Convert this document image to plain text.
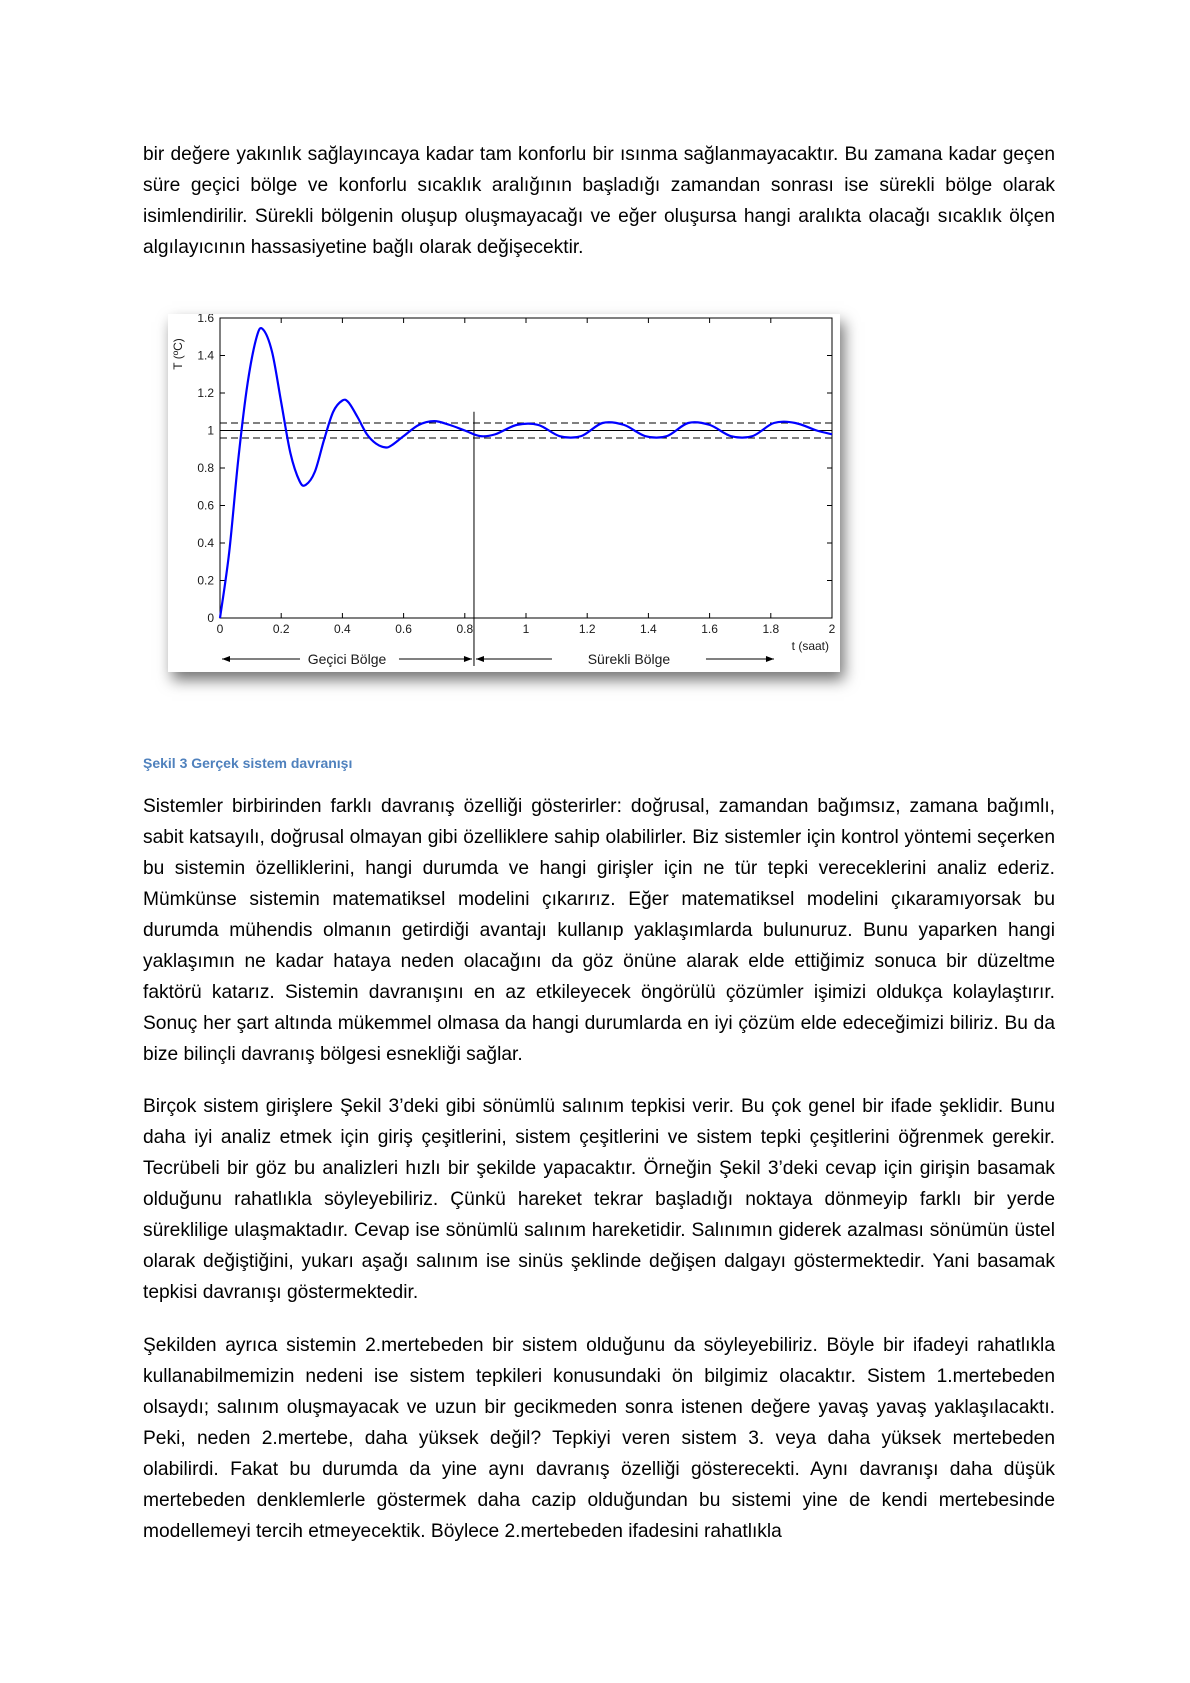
bir değere yakınlık sağlayıncaya kadar tam konforlu bir ısınma sağlanmayacaktır. Bu zamana kadar geçen süre geçici bölge ve konforlu sıcaklık aralığının başladığı zamandan sonrası ise sürekli bölge olarak isimlendirilir. Sürekli bölgenin oluşup oluşmayacağı ve eğer oluşursa hangi aralıkta olacağı sıcaklık ölçen algılayıcının hassasiyetine bağlı olarak değişecektir.

0
0.2
0.4
0.6
0.8
1
1.2
1.4
1.6
0	0.2	0.4	0.6	0.8	1	1.2	1.4	1.6	1.8	2
t (saat)
T (ºC)
Geçici Bölge	Sürekli Bölge

Şekil 3 Gerçek sistem davranışı

Sistemler birbirinden farklı davranış özelliği gösterirler: doğrusal, zamandan bağımsız, zamana bağımlı, sabit katsayılı, doğrusal olmayan gibi özelliklere sahip olabilirler. Biz sistemler için kontrol yöntemi seçerken bu sistemin özelliklerini, hangi durumda ve hangi girişler için ne tür tepki vereceklerini analiz ederiz. Mümkünse sistemin matematiksel modelini çıkarırız. Eğer matematiksel modelini çıkaramıyorsak bu durumda mühendis olmanın getirdiği avantajı kullanıp yaklaşımlarda bulunuruz. Bunu yaparken hangi yaklaşımın ne kadar hataya neden olacağını da göz önüne alarak elde ettiğimiz sonuca bir düzeltme faktörü katarız. Sistemin davranışını en az etkileyecek öngörülü çözümler işimizi oldukça kolaylaştırır. Sonuç her şart altında mükemmel olmasa da hangi durumlarda en iyi çözüm elde edeceğimizi biliriz. Bu da bize bilinçli davranış bölgesi esnekliği sağlar.

Birçok sistem girişlere Şekil 3’deki gibi sönümlü salınım tepkisi verir. Bu çok genel bir ifade şeklidir. Bunu daha iyi analiz etmek için giriş çeşitlerini, sistem çeşitlerini ve sistem tepki çeşitlerini öğrenmek gerekir. Tecrübeli bir göz bu analizleri hızlı bir şekilde yapacaktır. Örneğin Şekil 3’deki cevap için girişin basamak olduğunu rahatlıkla söyleyebiliriz. Çünkü hareket tekrar başladığı noktaya dönmeyip farklı bir yerde süreklilige ulaşmaktadır. Cevap ise sönümlü salınım hareketidir. Salınımın giderek azalması sönümün üstel olarak değiştiğini, yukarı aşağı salınım ise sinüs şeklinde değişen dalgayı göstermektedir. Yani basamak tepkisi davranışı göstermektedir.

Şekilden ayrıca sistemin 2.mertebeden bir sistem olduğunu da söyleyebiliriz. Böyle bir ifadeyi rahatlıkla kullanabilmemizin nedeni ise sistem tepkileri konusundaki ön bilgimiz olacaktır. Sistem 1.mertebeden olsaydı; salınım oluşmayacak ve uzun bir gecikmeden sonra istenen değere yavaş yavaş yaklaşılacaktı. Peki, neden 2.mertebe, daha yüksek değil? Tepkiyi veren sistem 3. veya daha yüksek mertebeden olabilirdi. Fakat bu durumda da yine aynı davranış özelliği gösterecekti. Aynı davranışı daha düşük mertebeden denklemlerle göstermek daha cazip olduğundan bu sistemi yine de kendi mertebesinde modellemeyi tercih etmeyecektik. Böylece 2.mertebeden ifadesini rahatlıkla
